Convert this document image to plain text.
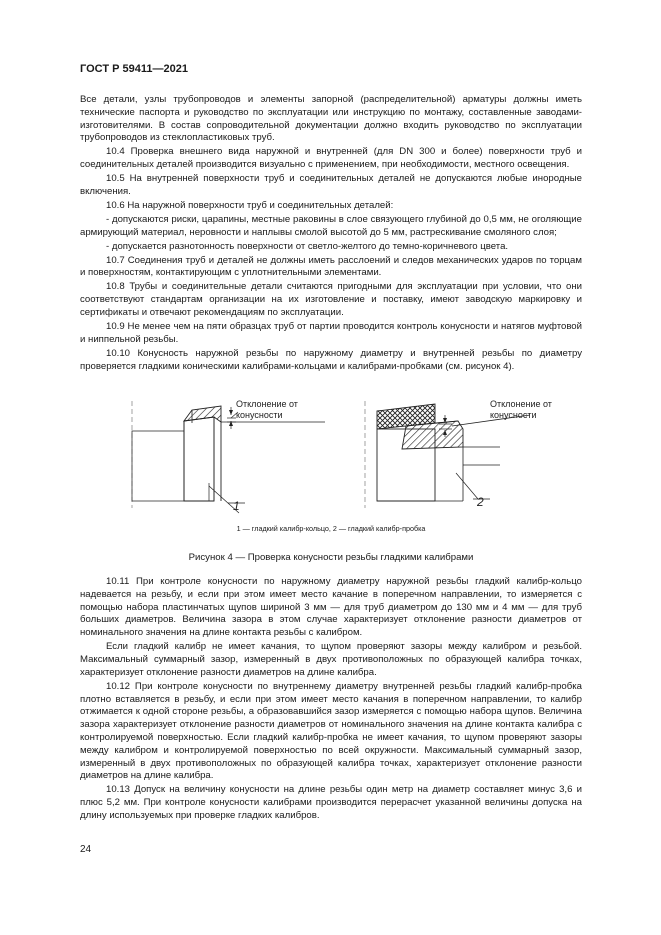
ГОСТ Р 59411—2021

Все детали, узлы трубопроводов и элементы запорной (распределительной) арматуры должны иметь технические паспорта и руководство по эксплуатации или инструкцию по монтажу, составленные заводами-изготовителями. В состав сопроводительной документации должно входить руководство по эксплуатации трубопроводов из стеклопластиковых труб.

10.4 Проверка внешнего вида наружной и внутренней (для DN 300 и более) поверхности труб и соединительных деталей производится визуально с применением, при необходимости, местного освещения.

10.5 На внутренней поверхности труб и соединительных деталей не допускаются любые инородные включения.

10.6 На наружной поверхности труб и соединительных деталей:

- допускаются риски, царапины, местные раковины в слое связующего глубиной до 0,5 мм, не оголяющие армирующий материал, неровности и наплывы смолой высотой до 5 мм, растрескивание смоляного слоя;

- допускается разнотонность поверхности от светло-желтого до темно-коричневого цвета.

10.7 Соединения труб и деталей не должны иметь расслоений и следов механических ударов по торцам и поверхностям, контактирующим с уплотнительными элементами.

10.8 Трубы и соединительные детали считаются пригодными для эксплуатации при условии, что они соответствуют стандартам организации на их изготовление и поставку, имеют заводскую маркировку и сертификаты и отвечают рекомендациям по эксплуатации.

10.9 Не менее чем на пяти образцах труб от партии проводится контроль конусности и натягов муфтовой и ниппельной резьбы.

10.10 Конусность наружной резьбы по наружному диаметру и внутренней резьбы по диаметру проверяется гладкими коническими калибрами-кольцами и калибрами-пробками (см. рисунок 4).

Отклонение от
конусности
Отклонение от
конусности
1	2
1 — гладкий калибр-кольцо, 2 — гладкий калибр-пробка
Рисунок 4 — Проверка конусности резьбы гладкими калибрами

10.11 При контроле конусности по наружному диаметру наружной резьбы гладкий калибр-кольцо надевается на резьбу, и если при этом имеет место качание в поперечном направлении, то измеряется с помощью набора пластинчатых щупов шириной 3 мм — для труб диаметром до 130 мм и 4 мм — для труб больших диаметров. Величина зазора в этом случае характеризует отклонение разности диаметров от номинального значения на длине контакта резьбы с калибром.

Если гладкий калибр не имеет качания, то щупом проверяют зазоры между калибром и резьбой. Максимальный суммарный зазор, измеренный в двух противоположных по образующей калибра точках, характеризует отклонение разности диаметров на длине калибра.

10.12 При контроле конусности по внутреннему диаметру внутренней резьбы гладкий калибр-пробка плотно вставляется в резьбу, и если при этом имеет место качания в поперечном направлении, то калибр отжимается к одной стороне резьбы, а образовавшийся зазор измеряется с помощью набора щупов. Величина зазора характеризует отклонение разности диаметров от номинального значения на длине контакта калибра с контролируемой поверхностью. Если гладкий калибр-пробка не имеет качания, то щупом проверяют зазоры между калибром и контролируемой поверхностью по всей окружности. Максимальный суммарный зазор, измеренный в двух противоположных по образующей калибра точках, характеризует отклонение разности диаметров на длине калибра.

10.13 Допуск на величину конусности на длине резьбы один метр на диаметр составляет минус 3,6 и плюс 5,2 мм. При контроле конусности калибрами производится перерасчет указанной величины допуска на длину используемых при проверке гладких калибров.

24
